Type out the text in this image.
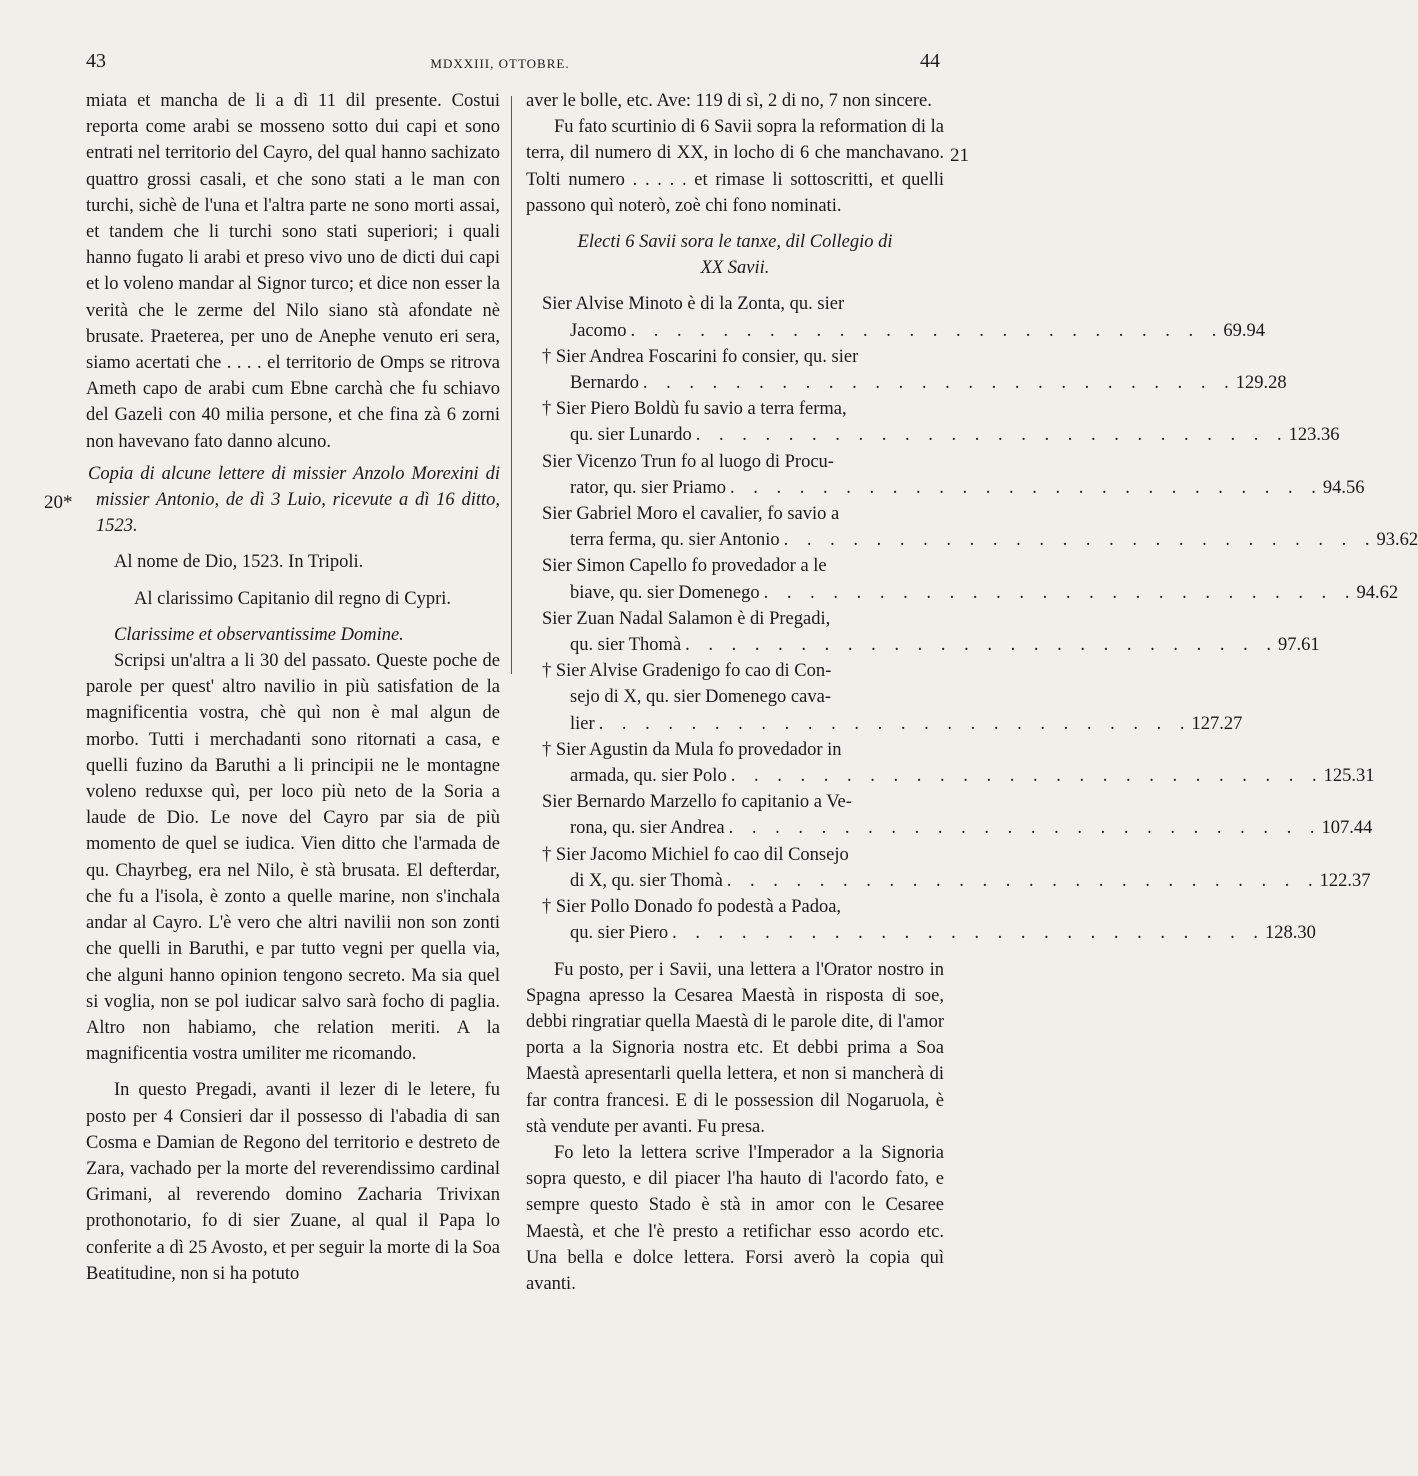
43	MDXXIII, OTTOBRE.	44
20*
21

miata et mancha de li a dì 11 dil presente. Costui reporta come arabi se mosseno sotto dui capi et sono entrati nel territorio del Cayro, del qual hanno sachizato quattro grossi casali, et che sono stati a le man con turchi, sichè de l'una et l'altra parte ne sono morti assai, et tandem che li turchi sono stati superiori; i quali hanno fugato li arabi et preso vivo uno de dicti dui capi et lo voleno mandar al Signor turco; et dice non esser la verità che le zerme del Nilo siano stà afondate nè brusate. Praeterea, per uno de Anephe venuto eri sera, siamo acertati che . . . . el territorio de Omps se ritrova Ameth capo de arabi cum Ebne carchà che fu schiavo del Gazeli con 40 milia persone, et che fina zà 6 zorni non havevano fato danno alcuno.

Copia di alcune lettere di missier Anzolo Morexini di missier Antonio, de dì 3 Luio, ricevute a dì 16 ditto, 1523.

Al nome de Dio, 1523. In Tripoli.

Al clarissimo Capitanio dil regno di Cypri.

Clarissime et observantissime Domine.

Scripsi un'altra a li 30 del passato. Queste poche de parole per quest' altro navilio in più satisfation de la magnificentia vostra, chè quì non è mal algun de morbo. Tutti i merchadanti sono ritornati a casa, e quelli fuzino da Baruthi a li principii ne le montagne voleno reduxse quì, per loco più neto de la Soria a laude de Dio. Le nove del Cayro par sia de più momento de quel se iudica. Vien ditto che l'armada de qu. Chayrbeg, era nel Nilo, è stà brusata. El defterdar, che fu a l'isola, è zonto a quelle marine, non s'inchala andar al Cayro. L'è vero che altri navilii non son zonti che quelli in Baruthi, e par tutto vegni per quella via, che alguni hanno opinion tengono secreto. Ma sia quel si voglia, non se pol iudicar salvo sarà focho di paglia. Altro non habiamo, che relation meriti. A la magnificentia vostra umiliter me ricomando.

In questo Pregadi, avanti il lezer di le letere, fu posto per 4 Consieri dar il possesso di l'abadia di san Cosma e Damian de Regono del territorio e destreto de Zara, vachado per la morte del reverendissimo cardinal Grimani, al reverendo domino Zacharia Trivixan prothonotario, fo di sier Zuane, al qual il Papa lo conferite a dì 25 Avosto, et per seguir la morte di la Soa Beatitudine, non si ha potuto

aver le bolle, etc. Ave: 119 di sì, 2 di no, 7 non sincere.

Fu fato scurtinio di 6 Savii sopra la reformation di la terra, dil numero di XX, in locho di 6 che manchavano. Tolti numero . . . . . et rimase li sottoscritti, et quelli passono quì noterò, zoè chi fono nominati.

Electi 6 Savii sora le tanxe, dil Collegio di XX Savii.

Sier Alvise Minoto è di la Zonta, qu. sier
Jacomo . . . . . . . . . . . . . . . . . . . . . . . . . . 69.94
† Sier Andrea Foscarini fo consier, qu. sier
Bernardo . . . . . . . . . . . . . . . . . . . . . . . . . . 129.28
† Sier Piero Boldù fu savio a terra ferma,
qu. sier Lunardo . . . . . . . . . . . . . . . . . . . . . . . . . . 123.36
Sier Vicenzo Trun fo al luogo di Procu-
rator, qu. sier Priamo . . . . . . . . . . . . . . . . . . . . . . . . . . 94.56
Sier Gabriel Moro el cavalier, fo savio a
terra ferma, qu. sier Antonio . . . . . . . . . . . . . . . . . . . . . . . . . . 93.62
Sier Simon Capello fo provedador a le
biave, qu. sier Domenego . . . . . . . . . . . . . . . . . . . . . . . . . . 94.62
Sier Zuan Nadal Salamon è di Pregadi,
qu. sier Thomà . . . . . . . . . . . . . . . . . . . . . . . . . . 97.61
† Sier Alvise Gradenigo fo cao di Con-
sejo di X, qu. sier Domenego cava-
lier . . . . . . . . . . . . . . . . . . . . . . . . . . 127.27
† Sier Agustin da Mula fo provedador in
armada, qu. sier Polo . . . . . . . . . . . . . . . . . . . . . . . . . . 125.31
Sier Bernardo Marzello fo capitanio a Ve-
rona, qu. sier Andrea . . . . . . . . . . . . . . . . . . . . . . . . . . 107.44
† Sier Jacomo Michiel fo cao dil Consejo
di X, qu. sier Thomà . . . . . . . . . . . . . . . . . . . . . . . . . . 122.37
† Sier Pollo Donado fo podestà a Padoa,
qu. sier Piero . . . . . . . . . . . . . . . . . . . . . . . . . . 128.30

Fu posto, per i Savii, una lettera a l'Orator nostro in Spagna apresso la Cesarea Maestà in risposta di soe, debbi ringratiar quella Maestà di le parole dite, di l'amor porta a la Signoria nostra etc. Et debbi prima a Soa Maestà apresentarli quella lettera, et non si mancherà di far contra francesi. E di le possession dil Nogaruola, è stà vendute per avanti. Fu presa.

Fo leto la lettera scrive l'Imperador a la Signoria sopra questo, e dil piacer l'ha hauto di l'acordo fato, e sempre questo Stado è stà in amor con le Cesaree Maestà, et che l'è presto a retifichar esso acordo etc. Una bella e dolce lettera. Forsi averò la copia quì avanti.
